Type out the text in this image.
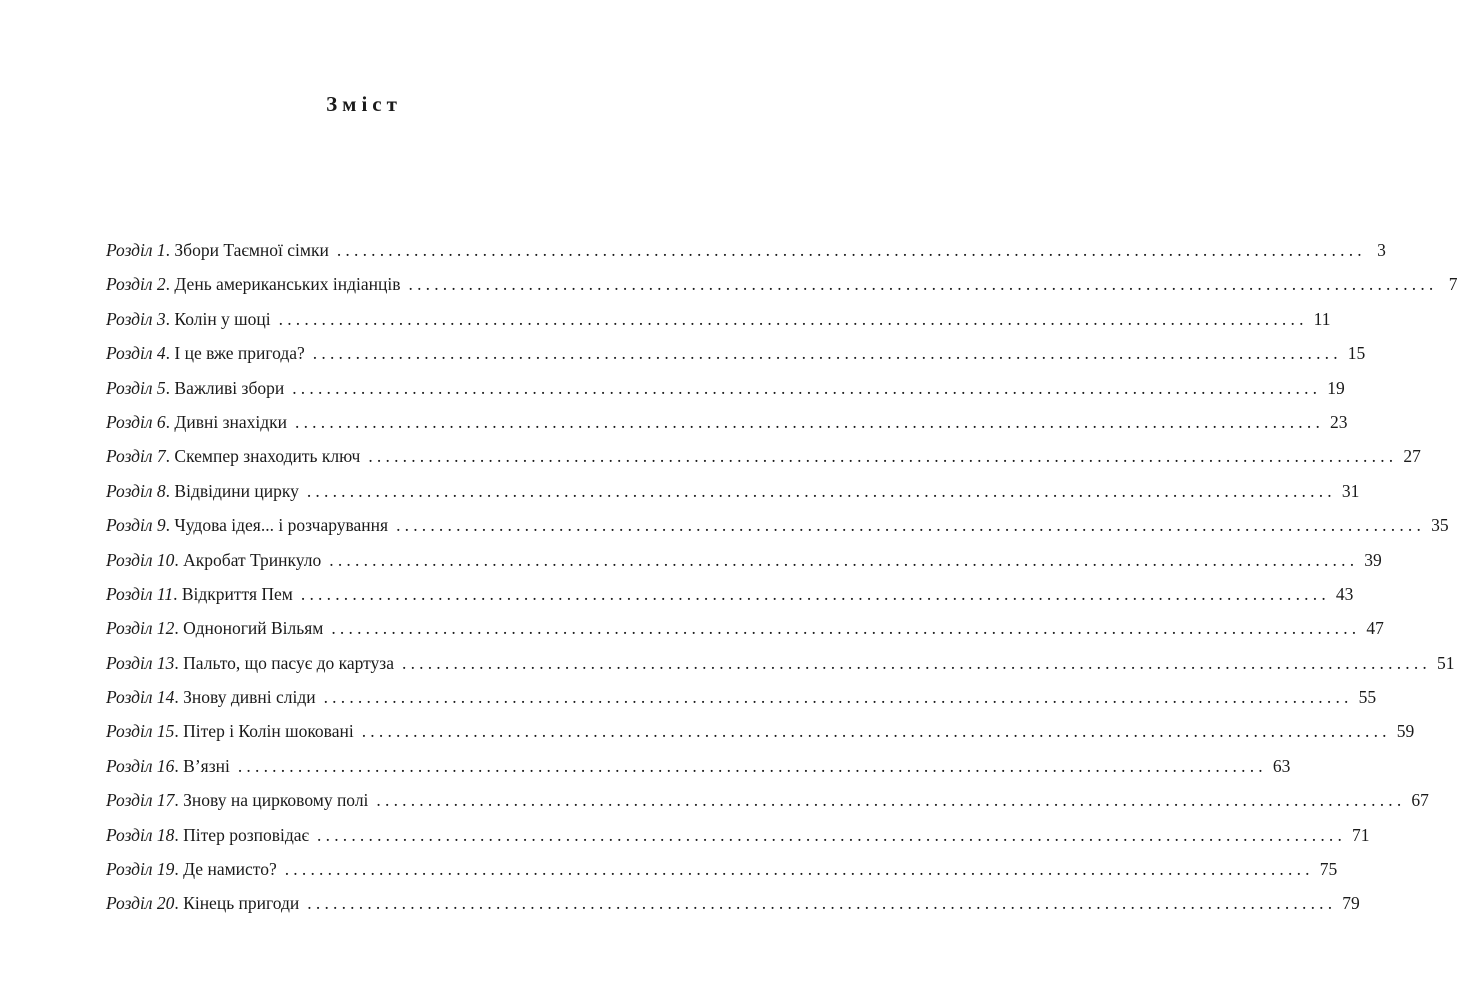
Зміст
Розділ 1 . Збори Таємної сімки ........................................................................................................................ 3
Розділ 2 . День американських індіанців ........................................................................................................................ 7
Розділ 3 . Колін у шоці ........................................................................................................................ 11
Розділ 4 . І це вже пригода? ........................................................................................................................ 15
Розділ 5 . Важливі збори ........................................................................................................................ 19
Розділ 6 . Дивні знахідки ........................................................................................................................ 23
Розділ 7 . Скемпер знаходить ключ ........................................................................................................................ 27
Розділ 8 . Відвідини цирку ........................................................................................................................ 31
Розділ 9 . Чудова ідея... і розчарування ........................................................................................................................ 35
Розділ 10 . Акробат Тринкуло ........................................................................................................................ 39
Розділ 11 . Відкриття Пем ........................................................................................................................ 43
Розділ 12 . Одноногий Вільям ........................................................................................................................ 47
Розділ 13 . Пальто, що пасує до картуза ........................................................................................................................ 51
Розділ 14 . Знову дивні сліди ........................................................................................................................ 55
Розділ 15 . Пітер і Колін шоковані ........................................................................................................................ 59
Розділ 16 . В’язні ........................................................................................................................ 63
Розділ 17 . Знову на цирковому полі ........................................................................................................................ 67
Розділ 18 . Пітер розповідає ........................................................................................................................ 71
Розділ 19 . Де намисто? ........................................................................................................................ 75
Розділ 20 . Кінець пригоди ........................................................................................................................ 79
